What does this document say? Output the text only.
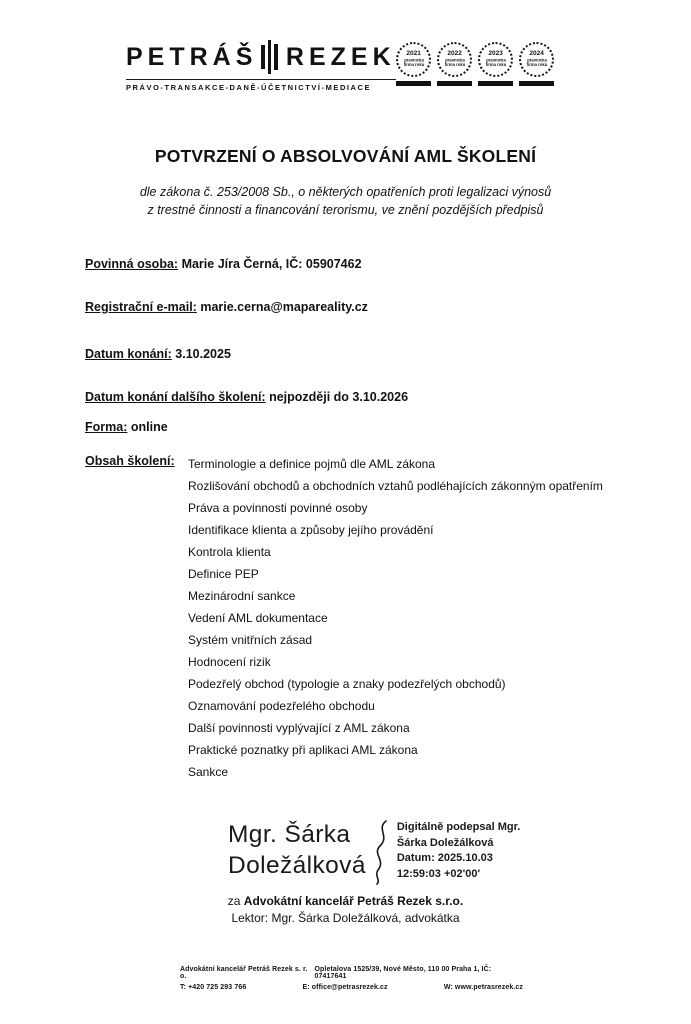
PETRÁŠ REZEK
PRÁVO-TRANSAKCE-DANĚ-ÚČETNICTVÍ-MEDIACE
2021
právnická firma roku
2022
právnická firma roku
2023
právnická firma roku
2024
právnická firma roku
POTVRZENÍ O ABSOLVOVÁNÍ AML ŠKOLENÍ
dle zákona č. 253/2008 Sb., o některých opatřeních proti legalizaci výnosů
z trestné činnosti a financování terorismu, ve znění pozdějších předpisů
Povinná osoba: Marie Jíra Černá, IČ: 05907462
Registrační e-mail: marie.cerna@mapareality.cz
Datum konání: 3.10.2025
Datum konání dalšího školení: nejpozději do 3.10.2026
Forma: online
Obsah školení:	Terminologie a definice pojmů dle AML zákona
Rozlišování obchodů a obchodních vztahů podléhajících zákonným opatřením
Práva a povinnosti povinné osoby
Identifikace klienta a způsoby jejího provádění
Kontrola klienta
Definice PEP
Mezinárodní sankce
Vedení AML dokumentace
Systém vnitřních zásad
Hodnocení rizik
Podezřelý obchod (typologie a znaky podezřelých obchodů)
Oznamování podezřelého obchodu
Další povinnosti vyplývající z AML zákona
Praktické poznatky při aplikaci AML zákona
Sankce
Mgr. Šárka
Doležálková
Digitálně podepsal Mgr.
Šárka Doležálková
Datum: 2025.10.03
12:59:03 +02'00'
za Advokátní kancelář Petráš Rezek s.r.o.
Lektor: Mgr. Šárka Doležálková, advokátka
Advokátní kancelář Petráš Rezek s. r. o.
Opletalova 1525/39, Nové Město, 110 00 Praha 1, IČ: 07417641
T: +420 725 293 766	E: office@petrasrezek.cz	W: www.petrasrezek.cz
